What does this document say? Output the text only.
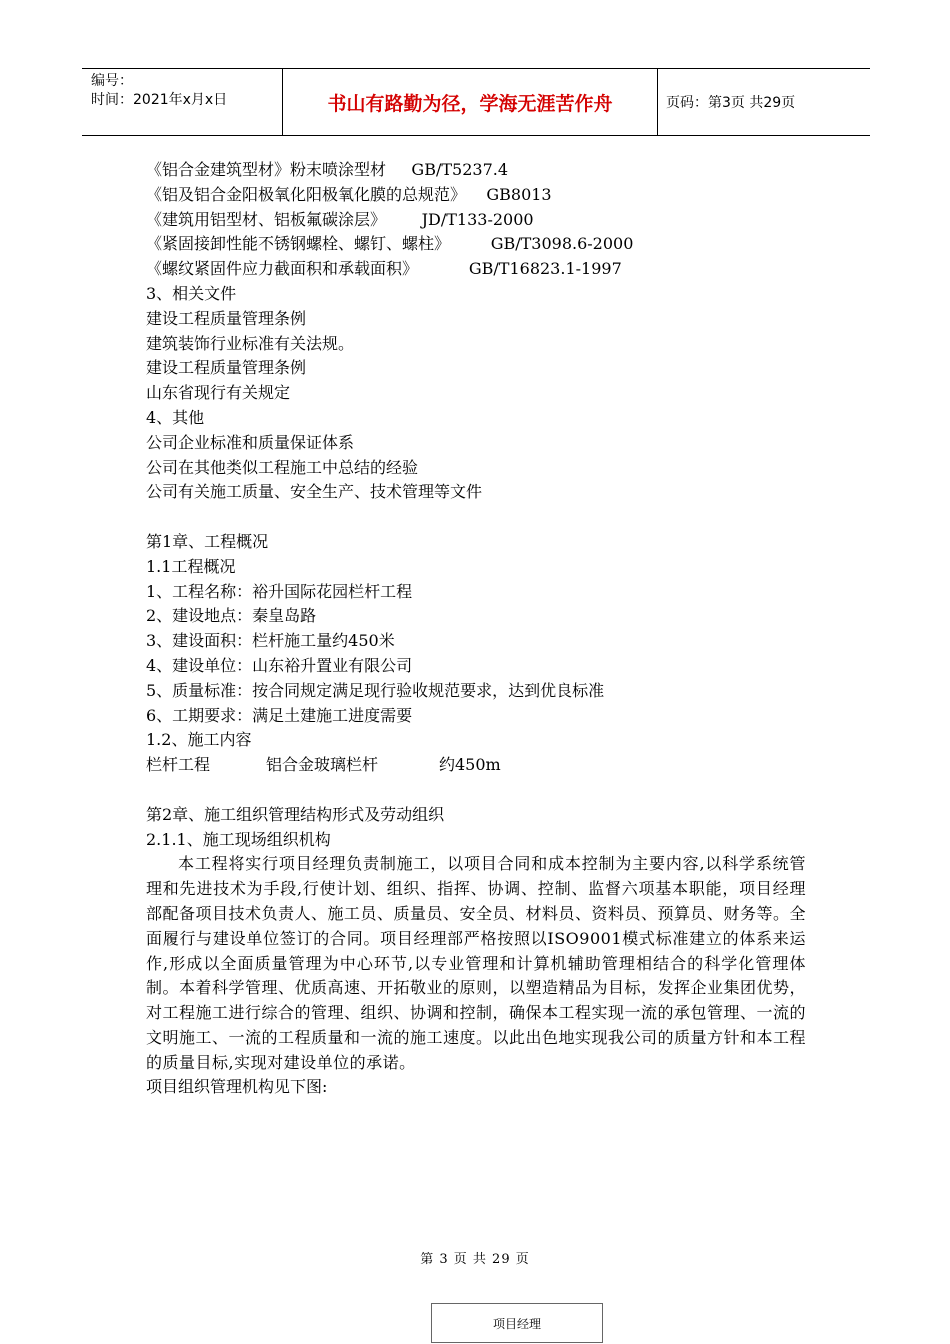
编号：
时间：2021年x月x日	书山有路勤为径，学海无涯苦作舟	页码：第3页 共29页
《铝合金建筑型材》粉末喷涂型材     GB/T5237.4
《铝及铝合金阳极氧化阳极氧化膜的总规范》    GB8013
《建筑用铝型材、铝板氟碳涂层》       JD/T133-2000
《紧固接卸性能不锈钢螺栓、螺钉、螺柱》        GB/T3098.6-2000
《螺纹紧固件应力截面积和承载面积》          GB/T16823.1-1997
3、相关文件
建设工程质量管理条例
建筑装饰行业标准有关法规。
建设工程质量管理条例
山东省现行有关规定
4、其他
公司企业标准和质量保证体系
公司在其他类似工程施工中总结的经验
公司有关施工质量、安全生产、技术管理等文件
第1章、工程概况
1.1工程概况
1、工程名称：裕升国际花园栏杆工程
2、建设地点：秦皇岛路
3、建设面积：栏杆施工量约450米
4、建设单位：山东裕升置业有限公司
5、质量标准：按合同规定满足现行验收规范要求，达到优良标准
6、工期要求：满足土建施工进度需要
1.2、施工内容
栏杆工程           铝合金玻璃栏杆            约450m
第2章、施工组织管理结构形式及劳动组织
2.1.1、施工现场组织机构
本工程将实行项目经理负责制施工，以项目合同和成本控制为主要内容,以科学系统管理和先进技术为手段,行使计划、组织、指挥、协调、控制、监督六项基本职能，项目经理部配备项目技术负责人、施工员、质量员、安全员、材料员、资料员、预算员、财务等。全面履行与建设单位签订的合同。项目经理部严格按照以ISO9001模式标准建立的体系来运作,形成以全面质量管理为中心环节,以专业管理和计算机辅助管理相结合的科学化管理体制。本着科学管理、优质高速、开拓敬业的原则，以塑造精品为目标，发挥企业集团优势，对工程施工进行综合的管理、组织、协调和控制，确保本工程实现一流的承包管理、一流的文明施工、一流的工程质量和一流的施工速度。以此出色地实现我公司的质量方针和本工程的质量目标,实现对建设单位的承诺。
项目组织管理机构见下图:
第 3 页 共 29 页
项目经理
